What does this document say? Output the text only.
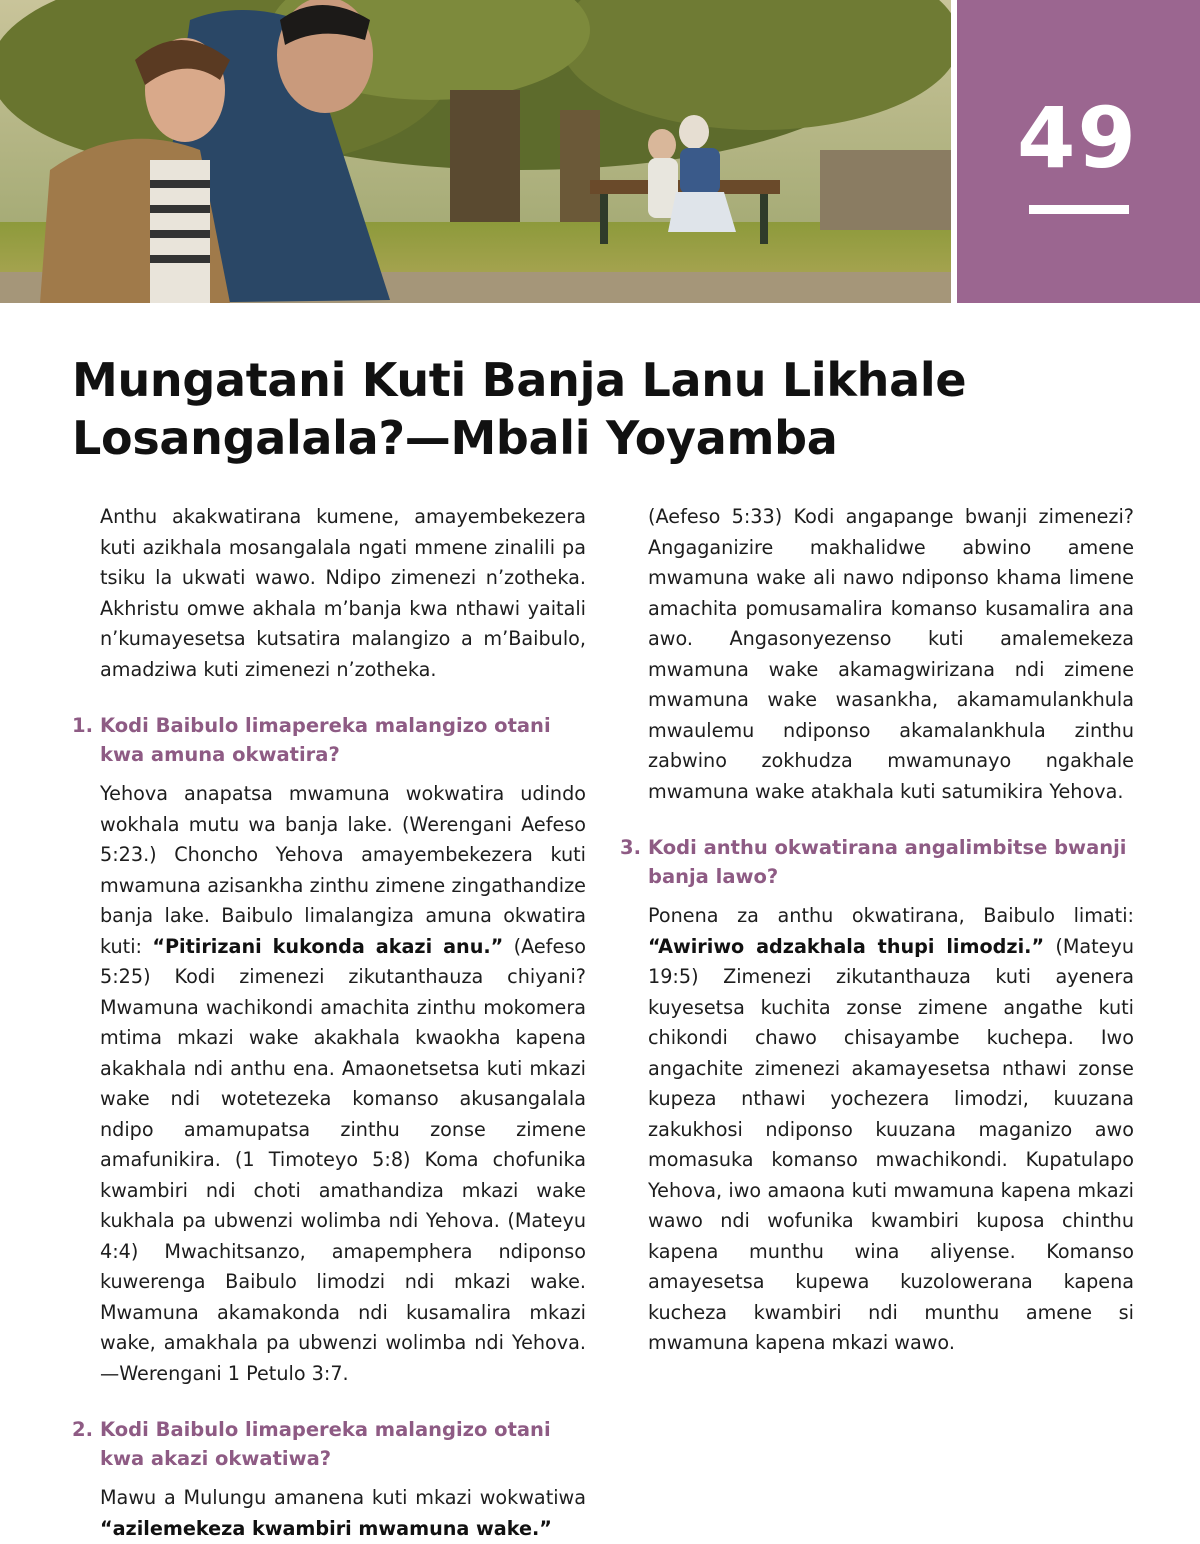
49
Mungatani Kuti Banja Lanu Likhale
Losangalala?—Mbali Yoyamba

Anthu akakwatirana kumene, amayembekezera kuti azikhala mosangalala ngati mmene zinalili pa tsiku la ukwati wawo. Ndipo zimenezi n’zotheka. Akhristu omwe akhala m’banja kwa nthawi yaitali n’kumayesetsa kutsatira malangizo a m’Baibulo, amadziwa kuti zimenezi n’zotheka.

1. Kodi Baibulo limapereka malangizo otani kwa amuna okwatira?

Yehova anapatsa mwamuna wokwatira udindo wokhala mutu wa banja lake. (Werengani Aefeso 5:23.) Choncho Yehova amayembekezera kuti mwamuna azisankha zinthu zimene zingathandize banja lake. Baibulo limalangiza amuna okwatira kuti: “Pitirizani kukonda akazi anu.” (Aefeso 5:25) Kodi zimenezi zikutanthauza chiyani? Mwamuna wachikondi amachita zinthu mokomera mtima mkazi wake akakhala kwaokha kapena akakhala ndi anthu ena. Amaonetsetsa kuti mkazi wake ndi wotetezeka komanso akusangalala ndipo amamupatsa zinthu zonse zimene amafunikira. (1 Timoteyo 5:8) Koma chofunika kwambiri ndi choti amathandiza mkazi wake kukhala pa ubwenzi wolimba ndi Yehova. (Mateyu 4:4) Mwachitsanzo, amapemphera ndiponso kuwerenga Baibulo limodzi ndi mkazi wake. Mwamuna akamakonda ndi kusamalira mkazi wake, amakhala pa ubwenzi wolimba ndi Yehova.—Werengani 1 Petulo 3:7.

2. Kodi Baibulo limapereka malangizo otani kwa akazi okwatiwa?

Mawu a Mulungu amanena kuti mkazi wokwatiwa “azilemekeza kwambiri mwamuna wake.”

(Aefeso 5:33) Kodi angapange bwanji zimenezi? Angaganizire makhalidwe abwino amene mwamuna wake ali nawo ndiponso khama limene amachita pomusamalira komanso kusamalira ana awo. Angasonyezenso kuti amalemekeza mwamuna wake akamagwirizana ndi zimene mwamuna wake wasankha, akamamulankhula mwaulemu ndiponso akamalankhula zinthu zabwino zokhudza mwamunayo ngakhale mwamuna wake atakhala kuti satumikira Yehova.

3. Kodi anthu okwatirana angalimbitse bwanji banja lawo?

Ponena za anthu okwatirana, Baibulo limati: “Awiriwo adzakhala thupi limodzi.” (Mateyu 19:5) Zimenezi zikutanthauza kuti ayenera kuyesetsa kuchita zonse zimene angathe kuti chikondi chawo chisayambe kuchepa. Iwo angachite zimenezi akamayesetsa nthawi zonse kupeza nthawi yochezera limodzi, kuuzana zakukhosi ndiponso kuuzana maganizo awo momasuka komanso mwachikondi. Kupatulapo Yehova, iwo amaona kuti mwamuna kapena mkazi wawo ndi wofunika kwambiri kuposa chinthu kapena munthu wina aliyense. Komanso amayesetsa kupewa kuzolowerana kapena kucheza kwambiri ndi munthu amene si mwamuna kapena mkazi wawo.
